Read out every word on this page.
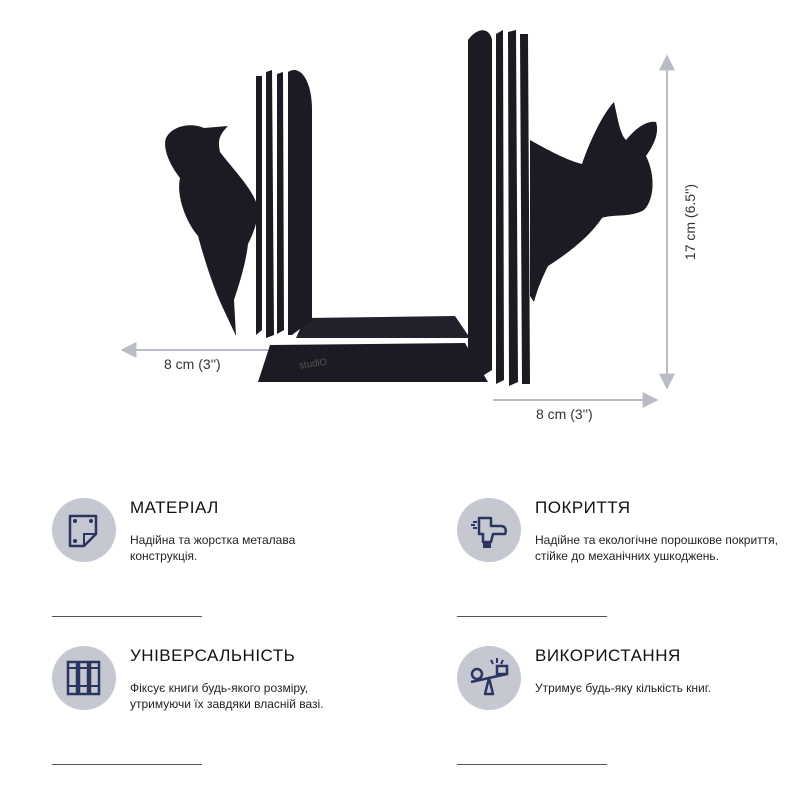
ˢᵗᵘᵈᴵᴼ
8 cm (3'')
8 cm (3'')
17 cm (6.5'')
МАТЕРІАЛ
Надійна та жорстка металава конструкція.
ПОКРИТТЯ
Надійне та екологічне порошкове покриття, стійке до механічних ушкоджень.
УНІВЕРСАЛЬНІСТЬ
Фіксує книги будь-якого розміру, утримуючи їх завдяки власній вазі.
ВИКОРИСТАННЯ
Утримує будь-яку кількість книг.
